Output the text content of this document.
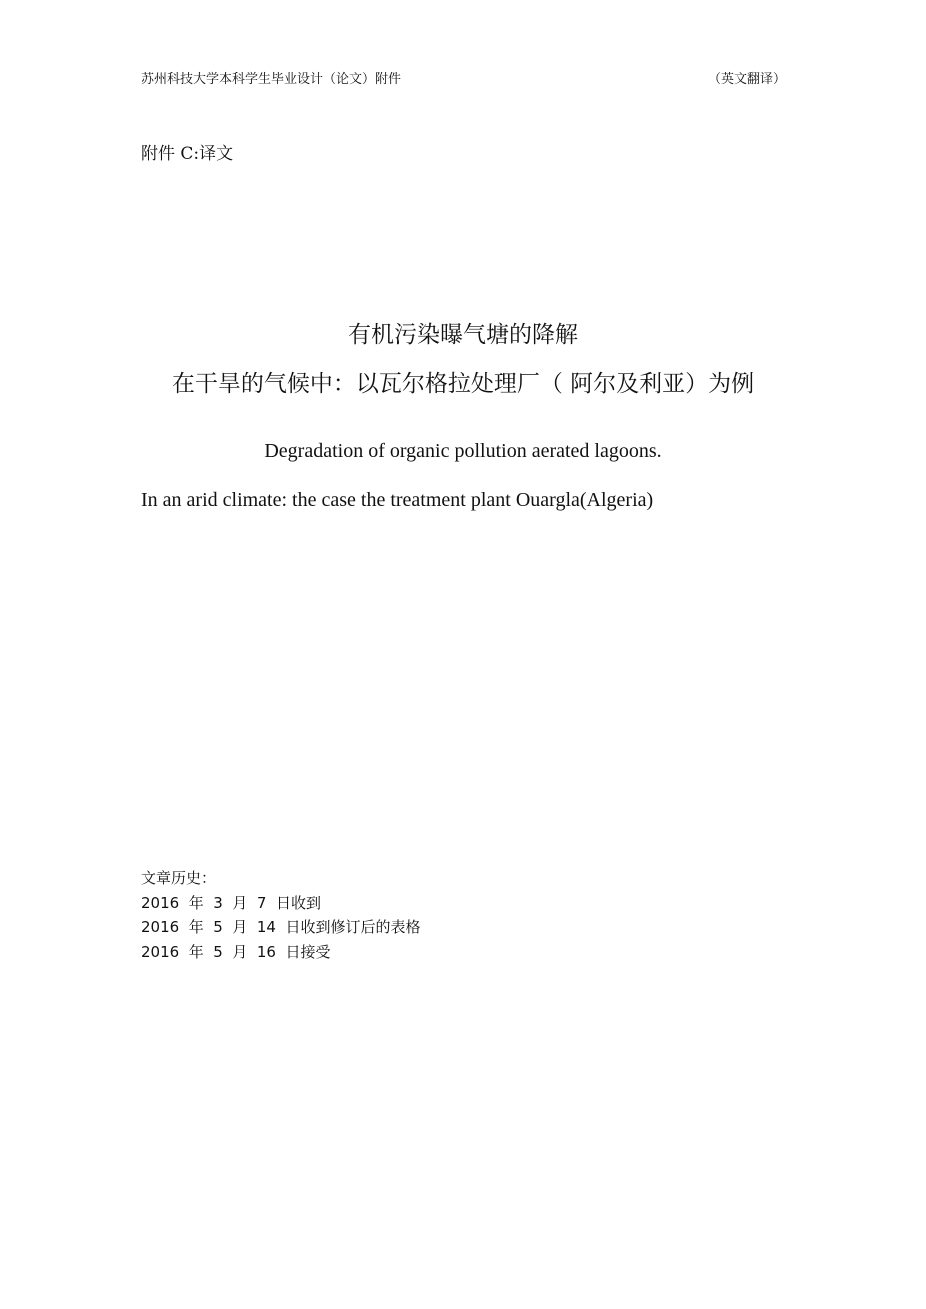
苏州科技大学本科学生毕业设计（论文）附件	（英文翻译）
附件 C:译文
有机污染曝气塘的降解
在干旱的气候中：以瓦尔格拉处理厂（ 阿尔及利亚）为例
Degradation of organic pollution aerated lagoons.
In an arid climate: the case the treatment plant Ouargla(Algeria)
文章历史：
2016  年  3  月  7  日收到
2016  年  5  月  14  日收到修订后的表格
2016  年  5  月  16  日接受
